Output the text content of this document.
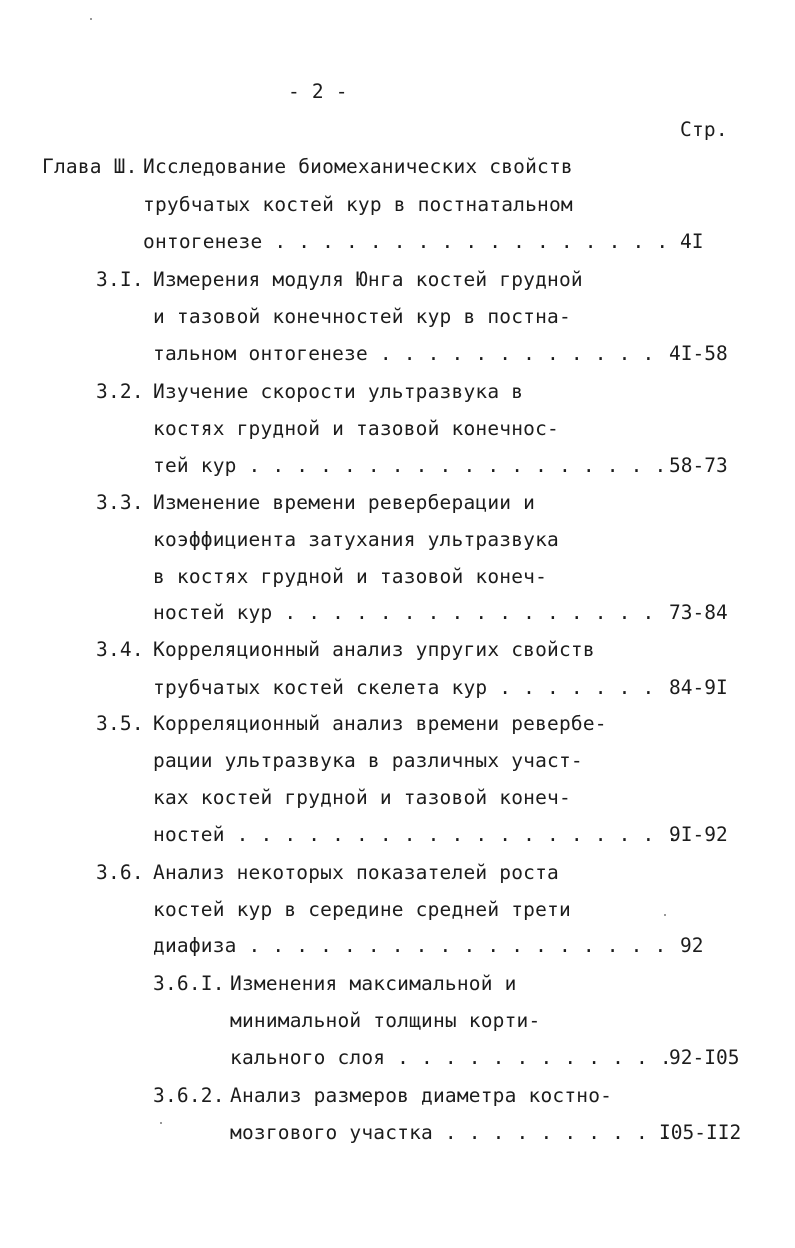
- 2 -
Стр.
Глава Ш. Исследование биомеханических свойств
трубчатых костей кур в постнатальном
онтогенезе . . . . . . . . . . . . . . . . . 4I
3.I. Измерения модуля Юнга костей грудной
и тазовой конечностей кур в постна-
тальном онтогенезе . . . . . . . . . . . . 4I-58
3.2. Изучение скорости ультразвука в
костях грудной и тазовой конечнос-
тей кур . . . . . . . . . . . . . . . . . . 58-73
3.3. Изменение времени реверберации и
коэффициента затухания ультразвука
в костях грудной и тазовой конеч-
ностей кур . . . . . . . . . . . . . . . . 73-84
3.4. Корреляционный анализ упругих свойств
трубчатых костей скелета кур . . . . . . . 84-9I
3.5. Корреляционный анализ времени ревербе-
рации ультразвука в различных участ-
ках костей грудной и тазовой конеч-
ностей . . . . . . . . . . . . . . . . . . .
9I-92
3.6. Анализ некоторых показателей роста
костей кур в середине средней трети
диафиза . . . . . . . . . . . . . . . . . . 92
3.6.I. Изменения максимальной и
минимальной толщины корти-
кального слоя . . . . . . . . . . . .
92-I05
3.6.2. Анализ размеров диаметра костно-
мозгового участка . . . . . . . . . .
I05-II2
